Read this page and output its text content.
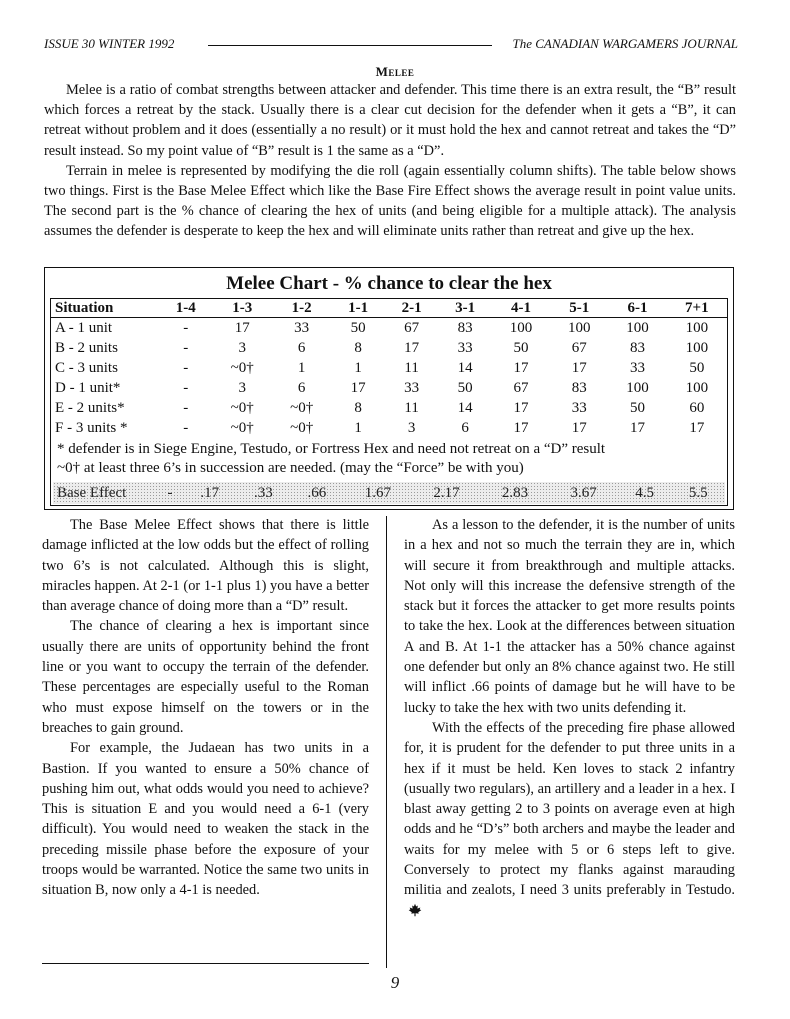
ISSUE 30 WINTER 1992	The CANADIAN WARGAMERS JOURNAL
Melee

Melee is a ratio of combat strengths between attacker and defender. This time there is an extra result, the “B” result which forces a retreat by the stack. Usually there is a clear cut decision for the defender when it gets a “B”, it can retreat without problem and it does (essentially a no result) or it must hold the hex and cannot retreat and takes the “D” result instead. So my point value of “B” result is 1 the same as a “D”.

Terrain in melee is represented by modifying the die roll (again essentially column shifts). The table below shows two things. First is the Base Melee Effect which like the Base Fire Effect shows the average result in point value units. The second part is the % chance of clearing the hex of units (and being eligible for a multiple attack). The analysis assumes the defender is desperate to keep the hex and will eliminate units rather than retreat and give up the hex.

Melee Chart - % chance to clear the hex
Situation	1-4	1-3	1-2	1-1	2-1	3-1	4-1	5-1	6-1	7+1
A - 1 unit	-	17	33	50	67	83	100	100	100	100
B - 2 units	-	3	6	8	17	33	50	67	83	100
C - 3 units	-	~0†	1	1	11	14	17	17	33	50
D - 1 unit*	-	3	6	17	33	50	67	83	100	100
E - 2 units*	-	~0†	~0†	8	11	14	17	33	50	60
F - 3 units *	-	~0†	~0†	1	3	6	17	17	17	17
* defender is in Siege Engine, Testudo, or Fortress Hex and need not retreat on a “D” result
~0† at least three 6’s in succession are needed. (may the “Force” be with you)
Base Effect	-	.17	.33	.66	1.67	2.17	2.83	3.67	4.5	5.5

The Base Melee Effect shows that there is little damage inflicted at the low odds but the effect of rolling two 6’s is not calculated. Although this is slight, miracles happen. At 2-1 (or 1-1 plus 1) you have a better than average chance of doing more than a “D” result.

The chance of clearing a hex is important since usually there are units of opportunity behind the front line or you want to occupy the terrain of the defender. These percentages are especially useful to the Roman who must expose himself on the towers or in the breaches to gain ground.

For example, the Judaean has two units in a Bastion. If you wanted to ensure a 50% chance of pushing him out, what odds would you need to achieve? This is situation E and you would need a 6-1 (very difficult). You would need to weaken the stack in the preceding missile phase before the exposure of your troops would be warranted. Notice the same two units in situation B, now only a 4-1 is needed.

As a lesson to the defender, it is the number of units in a hex and not so much the terrain they are in, which will secure it from breakthrough and multiple attacks. Not only will this increase the defensive strength of the stack but it forces the attacker to get more results points to take the hex. Look at the differences between situation A and B. At 1-1 the attacker has a 50% chance against one defender but only an 8% chance against two. He still will inflict .66 points of damage but he will have to be lucky to take the hex with two units defending it.

With the effects of the preceding fire phase allowed for, it is prudent for the defender to put three units in a hex if it must be held. Ken loves to stack 2 infantry (usually two regulars), an artillery and a leader in a hex. I blast away getting 2 to 3 points on average even at high odds and he “D’s” both archers and maybe the leader and waits for my melee with 5 or 6 steps left to give. Conversely to protect my flanks against marauding militia and zealots, I need 3 units preferably in Testudo.

9
